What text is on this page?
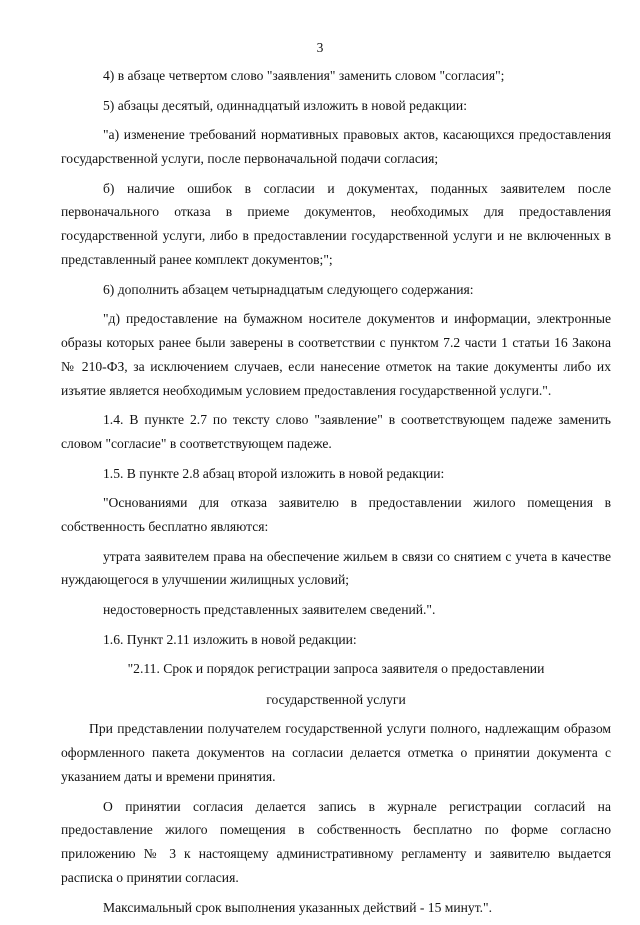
3

4) в абзаце четвертом слово "заявления" заменить словом "согласия";

5) абзацы десятый, одиннадцатый изложить в новой редакции:

"а) изменение требований нормативных правовых актов, касающихся предоставления государственной услуги, после первоначальной подачи согласия;

б) наличие ошибок в согласии и документах, поданных заявителем после первоначального отказа в приеме документов, необходимых для предоставления государственной услуги, либо в предоставлении государственной услуги и не включенных в представленный ранее комплект документов;";

6) дополнить абзацем четырнадцатым следующего содержания:

"д) предоставление на бумажном носителе документов и информации, электронные образы которых ранее были заверены в соответствии с пунктом 7.2 части 1 статьи 16 Закона № 210-ФЗ, за исключением случаев, если нанесение отметок на такие документы либо их изъятие является необходимым условием предоставления государственной услуги.".

1.4. В пункте 2.7 по тексту слово "заявление" в соответствующем падеже заменить словом "согласие" в соответствующем падеже.

1.5. В пункте 2.8 абзац второй изложить в новой редакции:

"Основаниями для отказа заявителю в предоставлении жилого помещения в собственность бесплатно являются:

утрата заявителем права на обеспечение жильем в связи со снятием с учета в качестве нуждающегося в улучшении жилищных условий;

недостоверность представленных заявителем сведений.".

1.6. Пункт 2.11 изложить в новой редакции:

"2.11. Срок и порядок регистрации запроса заявителя о предоставлении
государственной услуги

При представлении получателем государственной услуги полного, надлежащим образом оформленного пакета документов на согласии делается отметка о принятии документа с указанием даты и времени принятия.

О принятии согласия делается запись в журнале регистрации согласий на предоставление жилого помещения в собственность бесплатно по форме согласно приложению № 3 к настоящему административному регламенту и заявителю выдается расписка о принятии согласия.

Максимальный срок выполнения указанных действий - 15 минут.".
